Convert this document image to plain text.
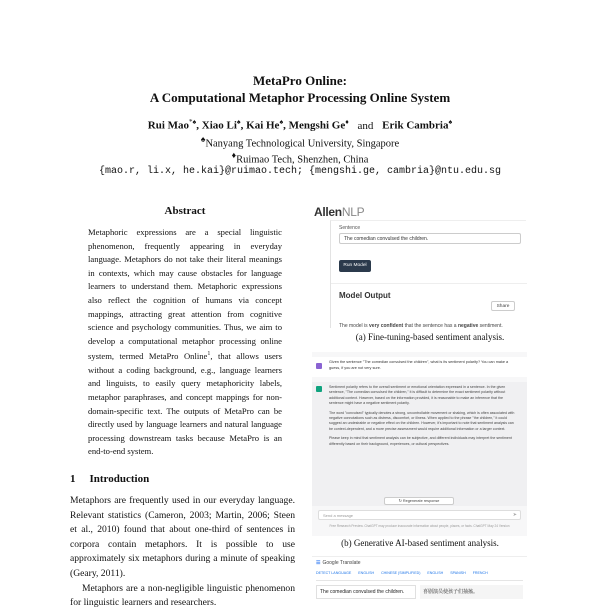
MetaPro Online:
A Computational Metaphor Processing Online System
Rui Mao*♠, Xiao Li♠, Kai He♠, Mengshi Ge♦ and Erik Cambria♠
♠Nanyang Technological University, Singapore
♦Ruimao Tech, Shenzhen, China
{mao.r, li.x, he.kai}@ruimao.tech; {mengshi.ge, cambria}@ntu.edu.sg
Abstract
Metaphoric expressions are a special linguistic phenomenon, frequently appearing in everyday language. Metaphors do not take their literal meanings in contexts, which may cause obstacles for language learners to understand them. Metaphoric expressions also reflect the cognition of humans via concept mappings, attracting great attention from cognitive science and psychology communities. Thus, we aim to develop a computational metaphor processing online system, termed MetaPro Online$^1$, that allows users without a coding background, e.g., language learners and linguists, to easily query metaphoricity labels, metaphor paraphrases, and concept mappings for non-domain-specific text. The outputs of MetaPro can be directly used by language learners and natural language processing downstream tasks because MetaPro is an end-to-end system.
1 Introduction

Metaphors are frequently used in our everyday language. Relevant statistics (Cameron, 2003; Martin, 2006; Steen et al., 2010) found that about one-third of sentences in corpora contain metaphors. It is possible to use approximately six metaphors during a minute of speaking (Geary, 2011).

Metaphors are a non-negligible linguistic phenomenon for linguistic learners and researchers.

AllenNLP
Sentence
The comedian convulsed the children.
Run Model
Model Output
Share
The model is very confident that the sentence has a negative sentiment.
(a) Fine-tuning-based sentiment analysis.
Given the sentence "The comedian convulsed the children", what is its sentiment polarity? You can make a guess, if you are not very sure.

Sentiment polarity refers to the overall sentiment or emotional orientation expressed in a sentence. In the given sentence, "The comedian convulsed the children," it is difficult to determine the exact sentiment polarity without additional context. However, based on the information provided, it is reasonable to make an inference that the sentence might have a negative sentiment polarity.

The word "convulsed" typically denotes a strong, uncontrollable movement or shaking, which is often associated with negative connotations such as distress, discomfort, or illness. When applied to the phrase "the children," it could suggest an undesirable or negative effect on the children. However, it's important to note that sentiment analysis can be context-dependent, and a more precise assessment would require additional information or a larger context.

Please keep in mind that sentiment analysis can be subjective, and different individuals may interpret the sentiment differently based on their background, experiences, or cultural perspectives.

↻ Regenerate response
Send a message	➤
Free Research Preview. ChatGPT may produce inaccurate information about people, places, or facts. ChatGPT May 24 Version
(b) Generative AI-based sentiment analysis.
☰ Google Translate
DETECT LANGUAGE ENGLISH CHINESE (SIMPLIFIED) ENGLISH SPANISH FRENCH
The comedian convulsed the children.	喜剧演员使孩子们抽搐。
